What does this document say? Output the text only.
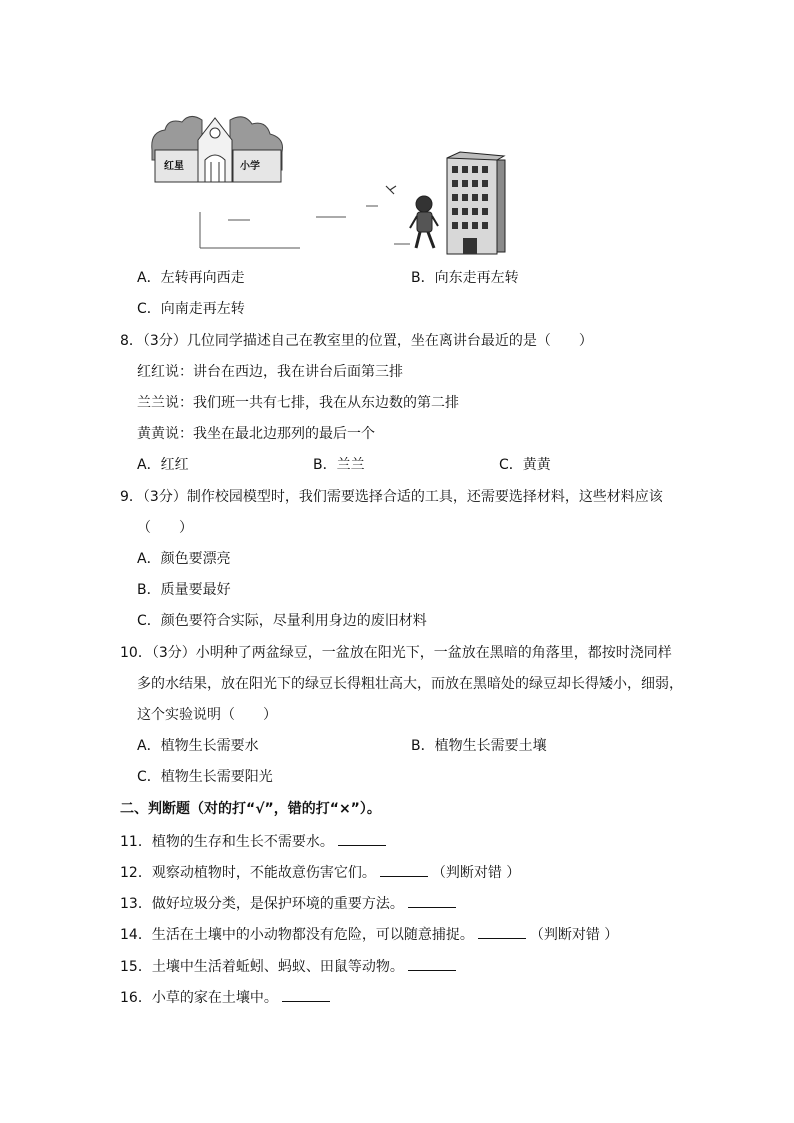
红星	小学
A．左转再向西走	B．向东走再左转
C．向南走再左转
8．（3分）几位同学描述自己在教室里的位置，坐在离讲台最近的是（　　）
红红说：讲台在西边，我在讲台后面第三排
兰兰说：我们班一共有七排，我在从东边数的第二排
黄黄说：我坐在最北边那列的最后一个
A．红红	B．兰兰	C．黄黄
9．（3分）制作校园模型时，我们需要选择合适的工具，还需要选择材料，这些材料应该
（　　）
A．颜色要漂亮
B．质量要最好
C．颜色要符合实际，尽量利用身边的废旧材料
10．（3分）小明种了两盆绿豆，一盆放在阳光下，一盆放在黑暗的角落里，都按时浇同样
多的水结果，放在阳光下的绿豆长得粗壮高大，而放在黑暗处的绿豆却长得矮小，细弱，
这个实验说明（　　）
A．植物生长需要水	B．植物生长需要土壤
C．植物生长需要阳光
二、判断题（对的打“√”，错的打“×”）。
11．植物的生存和生长不需要水。
12．观察动植物时，不能故意伤害它们。	（判断对错 ）
13．做好垃圾分类，是保护环境的重要方法。
14．生活在土壤中的小动物都没有危险，可以随意捕捉。	（判断对错 ）
15．土壤中生活着蚯蚓、蚂蚁、田鼠等动物。
16．小草的家在土壤中。
